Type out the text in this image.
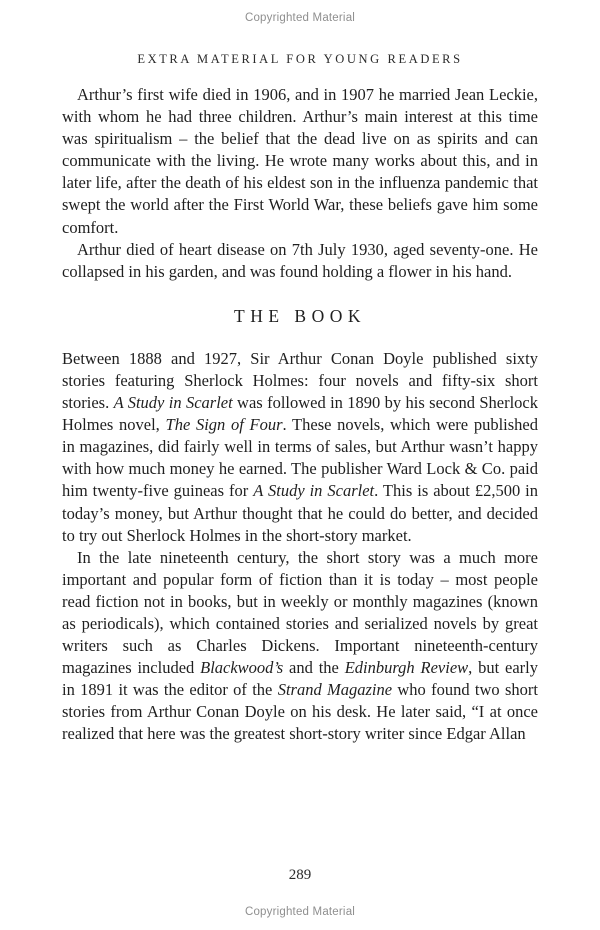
Copyrighted Material
EXTRA MATERIAL FOR YOUNG READERS

Arthur’s first wife died in 1906, and in 1907 he married Jean Leckie, with whom he had three children. Arthur’s main interest at this time was spiritualism – the belief that the dead live on as spirits and can communicate with the living. He wrote many works about this, and in later life, after the death of his eldest son in the influenza pandemic that swept the world after the First World War, these beliefs gave him some comfort.

Arthur died of heart disease on 7th July 1930, aged seventy-one. He collapsed in his garden, and was found holding a flower in his hand.

THE BOOK

Between 1888 and 1927, Sir Arthur Conan Doyle published sixty stories featuring Sherlock Holmes: four novels and fifty-six short stories. A Study in Scarlet was followed in 1890 by his second Sherlock Holmes novel, The Sign of Four. These novels, which were published in magazines, did fairly well in terms of sales, but Arthur wasn’t happy with how much money he earned. The publisher Ward Lock & Co. paid him twenty-five guineas for A Study in Scarlet. This is about £2,500 in today’s money, but Arthur thought that he could do better, and decided to try out Sherlock Holmes in the short-story market.

In the late nineteenth century, the short story was a much more important and popular form of fiction than it is today – most people read fiction not in books, but in weekly or monthly magazines (known as periodicals), which contained stories and serialized novels by great writers such as Charles Dickens. Important nineteenth-century magazines included Blackwood’s and the Edinburgh Review, but early in 1891 it was the editor of the Strand Magazine who found two short stories from Arthur Conan Doyle on his desk. He later said, “I at once realized that here was the greatest short-story writer since Edgar Allan

289
Copyrighted Material
